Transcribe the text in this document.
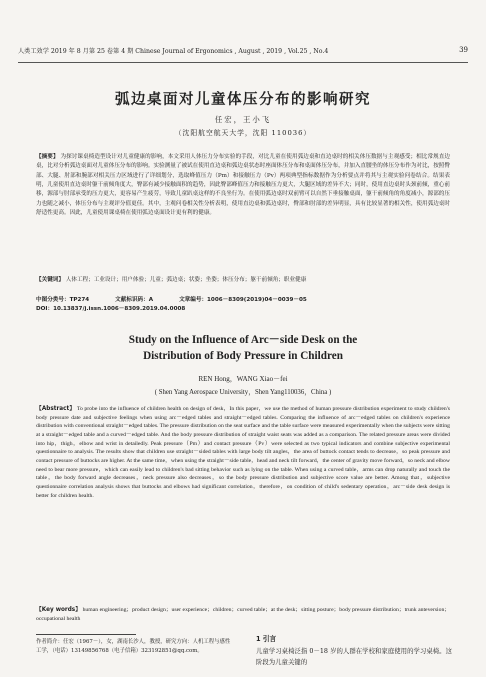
人类工效学 2019 年 8 月第 25 卷第 4 期 Chinese Journal of Ergonomics , August , 2019 , Vol.25 , No.4	39
弧边桌面对儿童体压分布的影响研究
任宏，王小飞
（沈阳航空航天大学，沈阳 110036）
【摘要】 为探讨课桌椅造型设计对儿童健康的影响，本文采用人体压力分布实验的手段，对比儿童在使用弧边桌和直边桌时的相关体压数据与主观感受；相比常规直边桌，比对分析弧边桌面对儿童体压分布的影响。实验测量了被试在使用直边桌和弧边桌状态时座面体压分布和桌面体压分布，并加入直腰坐的体压分布作为对比，按照臀部、大腿、肘部和腕部对相关压力区域进行了详细划分，选取峰值压力（Pm）和接触压力（Pv）两项典型指标数据作为分析要点并将其与主观实验问卷结合。结果表明，儿童使用直边桌时躯干前倾角度大，臀部有减少接触面积的趋势，因此臀部峰值压力和接触压力更大，大腿区域的差异不大；同时，使用直边桌时头颈前倾，重心前移，源部与肘部承受的压力更大，更容易产生疲劳，导致儿童趴桌这样的不良坐行为。在使用弧边桌时双前臂可以自然下垂接触桌面，躯干前倾角的角度减小，源部的压力也随之减小，体压分布与主观评分值更佳。其中，主观问卷相关性分析表明，使用直边桌和弧边桌时，臀部和肘部的差异明显，具有比较显著的相关性，使用弧边桌时舒适性更高。因此，儿童使用课桌椅在使用弧边桌面设计更有利的健康。
【关键词】 人体工程；工业设计；用户体验；儿童；弧边桌；状姿；坐姿；体压分布；躯干前倾角；职业健康
中图分类号：TP274	文献标识码：A	文章编号：1006－8309(2019)04－0039－05
DOI：10.13837/j.issn.1006－8309.2019.04.0008
Study on the Influence of Arc－side Desk on the
Distribution of Body Pressure in Children
REN Hong，WANG Xiao－fei
( Shen Yang Aerospace University，Shen Yang110036，China )
【Abstract】 To probe into the influence of children health on design of desk，In this paper，we use the method of human pressure distribution experiment to study children's body pressure date and subjective feelings when using arc－edged tables and straight－edged tables. Comparing the influence of arc－edged tables on children's experience distribution with conventional straight－edged tables. The pressure distribution on the seat surface and the table surface were measured experimentally when the subjects were sitting at a straight－edged table and a curved－edged table. And the body pressure distribution of straight waist seats was added as a comparison. The related pressure areas were divided into hip，thigh，elbow and wrist in detailedly. Peak pressure（Pm）and contact pressure（Pv）were selected as two typical indicators and combine subjective experimental questionnaire to analysis. The results show that children use straight－sided tables with large body tilt angles，the area of buttock contact tends to decrease，so peak pressure and contact pressure of buttocks are higher. At the same time，when using the straight－side table，head and neck tilt forward，the center of gravity move forward，so neck and elbow need to bear more pressure，which can easily lead to children's bad sitting behavior such as lying on the table. When using a curved table，arms can drop naturally and touch the table，the body forward angle decreases，neck pressure also decreases，so the body pressure distribution and subjective score value are better. Among that，subjective questionnaire correlation analysis shows that buttocks and elbows had significant correlation，therefore，on condition of child's sedentary operation，arc－side desk design is better for children health.
【Key words】 human engineering；product design；user experience；children；curved table；at the desk；sitting posture；body pressure distribution；trunk anteversion；occupational health
作者简介：任宏（1967－），女，湖南长沙人，教授，研究方向：人机工程与感性工学，（电话）13149856768（电子信箱）323192851@qq.com。
1 引言
儿童学习桌椅泛指 0－18 岁的人群在学校和家庭使用的学习桌椅。这阶段为儿童关键的
